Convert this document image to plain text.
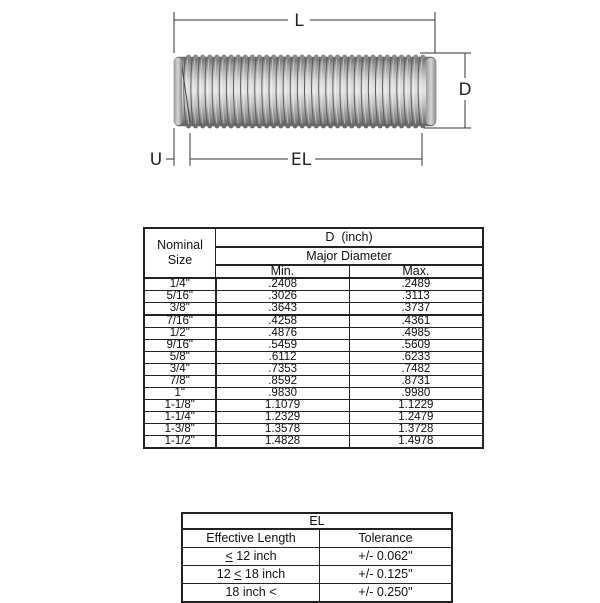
L
D
U	EL
Nominal Size	D  (inch)	
	Major Diameter	
	Min.	Max.
1/4"	.2408	.2489
5/16"	.3026	.3113
3/8"	.3643	.3737
7/16"	.4258	.4361
1/2"	.4876	.4985
9/16"	.5459	.5609
5/8"	.6112	.6233
3/4"	.7353	.7482
7/8"	.8592	.8731
1"	.9830	.9980
1-1/8"	1.1079	1.1229
1-1/4"	1.2329	1.2479
1-3/8"	1.3578	1.3728
1-1/2"	1.4828	1.4978
EL	
Effective Length	Tolerance
≤ 12 inch	+/- 0.062"
12 ≤ 18 inch	+/- 0.125"
18 inch <	+/- 0.250"
